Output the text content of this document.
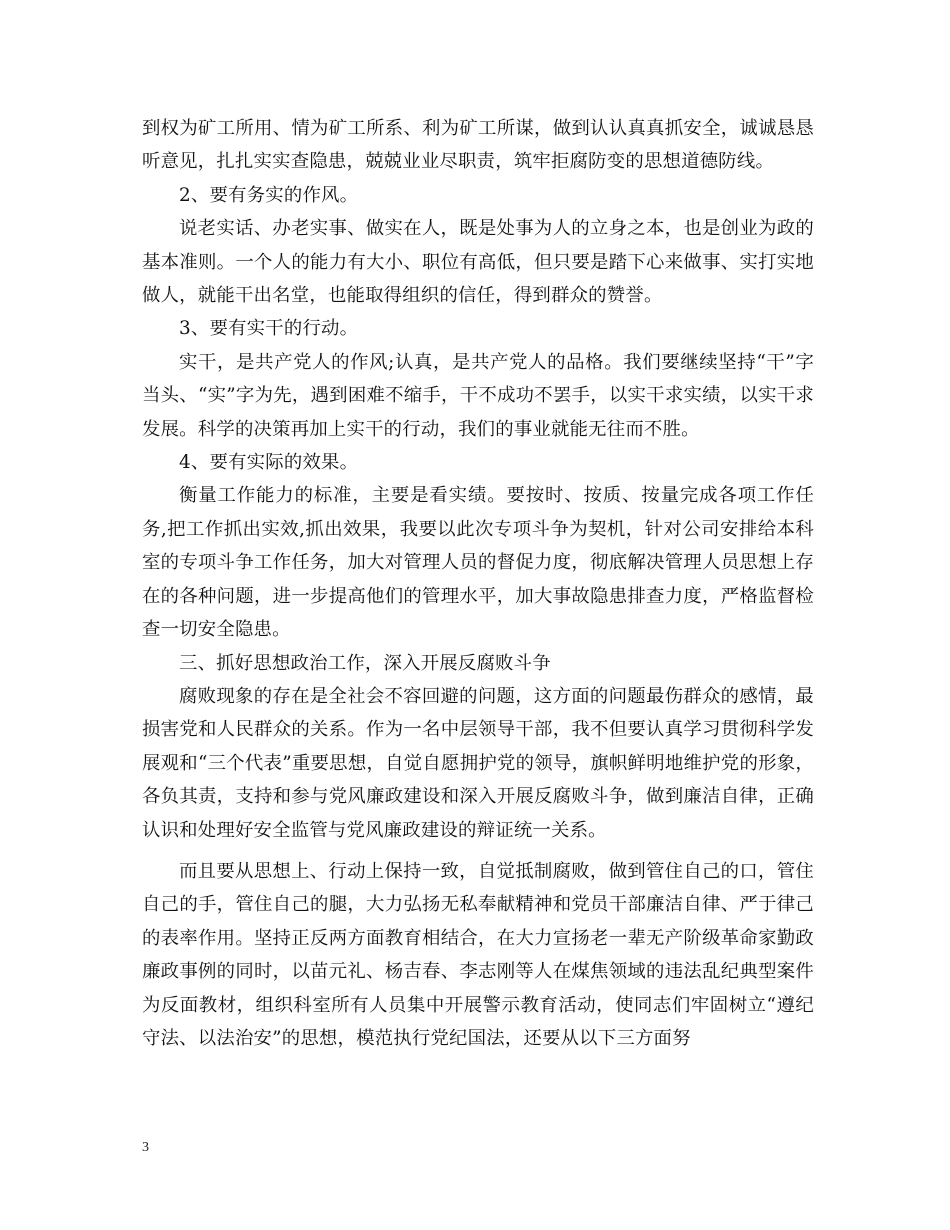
到权为矿工所用、情为矿工所系、利为矿工所谋，做到认认真真抓安全，诚诚恳恳听意见，扎扎实实查隐患，兢兢业业尽职责，筑牢拒腐防变的思想道德防线。

2、要有务实的作风。

说老实话、办老实事、做实在人，既是处事为人的立身之本，也是创业为政的基本准则。一个人的能力有大小、职位有高低，但只要是踏下心来做事、实打实地做人，就能干出名堂，也能取得组织的信任，得到群众的赞誉。

3、要有实干的行动。

实干，是共产党人的作风;认真，是共产党人的品格。我们要继续坚持“干”字当头、“实”字为先，遇到困难不缩手，干不成功不罢手，以实干求实绩，以实干求发展。科学的决策再加上实干的行动，我们的事业就能无往而不胜。

4、要有实际的效果。

衡量工作能力的标准，主要是看实绩。要按时、按质、按量完成各项工作任务,把工作抓出实效,抓出效果，我要以此次专项斗争为契机，针对公司安排给本科室的专项斗争工作任务，加大对管理人员的督促力度，彻底解决管理人员思想上存在的各种问题，进一步提高他们的管理水平，加大事故隐患排查力度，严格监督检查一切安全隐患。

三、抓好思想政治工作，深入开展反腐败斗争

腐败现象的存在是全社会不容回避的问题，这方面的问题最伤群众的感情，最损害党和人民群众的关系。作为一名中层领导干部，我不但要认真学习贯彻科学发展观和“三个代表”重要思想，自觉自愿拥护党的领导，旗帜鲜明地维护党的形象，各负其责，支持和参与党风廉政建设和深入开展反腐败斗争，做到廉洁自律，正确认识和处理好安全监管与党风廉政建设的辩证统一关系。

而且要从思想上、行动上保持一致，自觉抵制腐败，做到管住自己的口，管住自己的手，管住自己的腿，大力弘扬无私奉献精神和党员干部廉洁自律、严于律己的表率作用。坚持正反两方面教育相结合，在大力宣扬老一辈无产阶级革命家勤政廉政事例的同时，以苗元礼、杨吉春、李志刚等人在煤焦领域的违法乱纪典型案件为反面教材，组织科室所有人员集中开展警示教育活动，使同志们牢固树立“遵纪守法、以法治安”的思想，模范执行党纪国法，还要从以下三方面努

3
